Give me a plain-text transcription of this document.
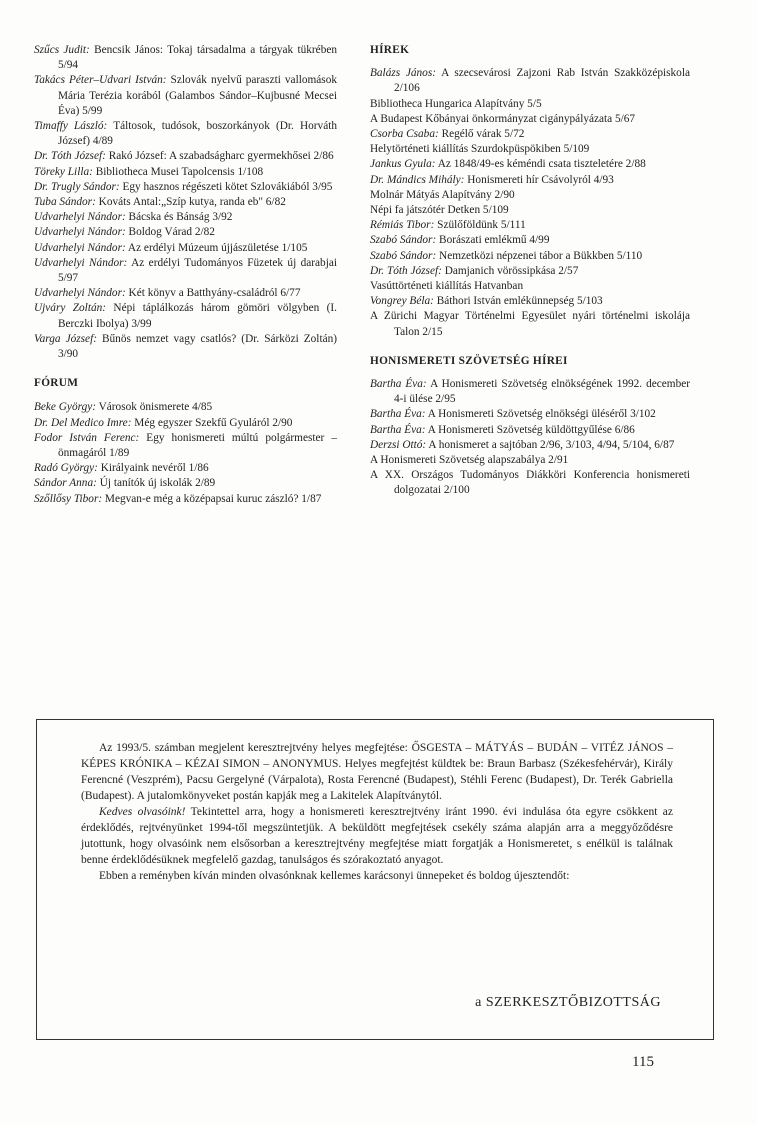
Szűcs Judit: Bencsik János: Tokaj társadalma a tárgyak tükrében 5/94

Takács Péter–Udvari István: Szlovák nyelvű paraszti vallomások Mária Terézia korából (Galambos Sándor–Kujbusné Mecsei Éva) 5/99

Timaffy László: Táltosok, tudósok, boszorkányok (Dr. Horváth József) 4/89

Dr. Tóth József: Rakó József: A szabadságharc gyermekhősei 2/86

Töreky Lilla: Bibliotheca Musei Tapolcensis 1/108

Dr. Trugly Sándor: Egy hasznos régészeti kötet Szlovákiából 3/95

Tuba Sándor: Kováts Antal:„Szíp kutya, randa eb" 6/82

Udvarhelyi Nándor: Bácska és Bánság 3/92

Udvarhelyi Nándor: Boldog Várad 2/82

Udvarhelyi Nándor: Az erdélyi Múzeum újjászületése 1/105

Udvarhelyi Nándor: Az erdélyi Tudományos Füzetek új darabjai 5/97

Udvarhelyi Nándor: Két könyv a Batthyány-családról 6/77

Ujváry Zoltán: Népi táplálkozás három gömöri völgyben (I. Berczki Ibolya) 3/99

Varga József: Bűnös nemzet vagy csatlós? (Dr. Sárközi Zoltán) 3/90

FÓRUM

Beke György: Városok önismerete 4/85

Dr. Del Medico Imre: Még egyszer Szekfű Gyuláról 2/90

Fodor István Ferenc: Egy honismereti múltú polgármester – önmagáról 1/89

Radó György: Királyaink nevéről 1/86

Sándor Anna: Új tanítók új iskolák 2/89

Szőllősy Tibor: Megvan-e még a középapsai kuruc zászló? 1/87

HÍREK

Balázs János: A szecsevárosi Zajzoni Rab István Szakközépiskola 2/106

Bibliotheca Hungarica Alapítvány 5/5

A Budapest Kőbányai önkormányzat cigánypályázata 5/67

Csorba Csaba: Regélő várak 5/72

Helytörténeti kiállítás Szurdokpüspökiben 5/109

Jankus Gyula: Az 1848/49-es kéméndi csata tiszteletére 2/88

Dr. Mándics Mihály: Honismereti hír Csávolyról 4/93

Molnár Mátyás Alapítvány 2/90

Népi fa játszótér Detken 5/109

Rémiás Tibor: Szülőföldünk 5/111

Szabó Sándor: Borászati emlékmű 4/99

Szabó Sándor: Nemzetközi népzenei tábor a Bükkben 5/110

Dr. Tóth József: Damjanich vörössipkása 2/57

Vasúttörténeti kiállítás Hatvanban

Vongrey Béla: Báthori István emlékünnepség 5/103

A Zürichi Magyar Történelmi Egyesület nyári történelmi iskolája Talon 2/15

HONISMERETI SZÖVETSÉG HÍREI

Bartha Éva: A Honismereti Szövetség elnökségének 1992. december 4-i ülése 2/95

Bartha Éva: A Honismereti Szövetség elnökségi üléséről 3/102

Bartha Éva: A Honismereti Szövetség küldöttgyűlése 6/86

Derzsi Ottó: A honismeret a sajtóban 2/96, 3/103, 4/94, 5/104, 6/87

A Honismereti Szövetség alapszabálya 2/91

A XX. Országos Tudományos Diákköri Konferencia honismereti dolgozatai 2/100

Az 1993/5. számban megjelent keresztrejtvény helyes megfejtése: ŐSGESTA – MÁTYÁS – BUDÁN – VITÉZ JÁNOS – KÉPES KRÓNIKA – KÉZAI SIMON – ANONYMUS. Helyes megfejtést küldtek be: Braun Barbasz (Székesfehérvár), Király Ferencné (Veszprém), Pacsu Gergelyné (Várpalota), Rosta Ferencné (Budapest), Stéhli Ferenc (Budapest), Dr. Terék Gabriella (Budapest). A jutalomkönyveket postán kapják meg a Lakitelek Alapítványtól.

Kedves olvasóink! Tekintettel arra, hogy a honismereti keresztrejtvény iránt 1990. évi indulása óta egyre csökkent az érdeklődés, rejtvényünket 1994-től megszüntetjük. A beküldött megfejtések csekély száma alapján arra a meggyőződésre jutottunk, hogy olvasóink nem elsősorban a keresztrejtvény megfejtése miatt forgatják a Honismeretet, s enélkül is találnak benne érdeklődésüknek megfelelő gazdag, tanulságos és szórakoztató anyagot.

Ebben a reményben kíván minden olvasónknak kellemes karácsonyi ünnepeket és boldog újesztendőt:

a SZERKESZTŐBIZOTTSÁG
115
